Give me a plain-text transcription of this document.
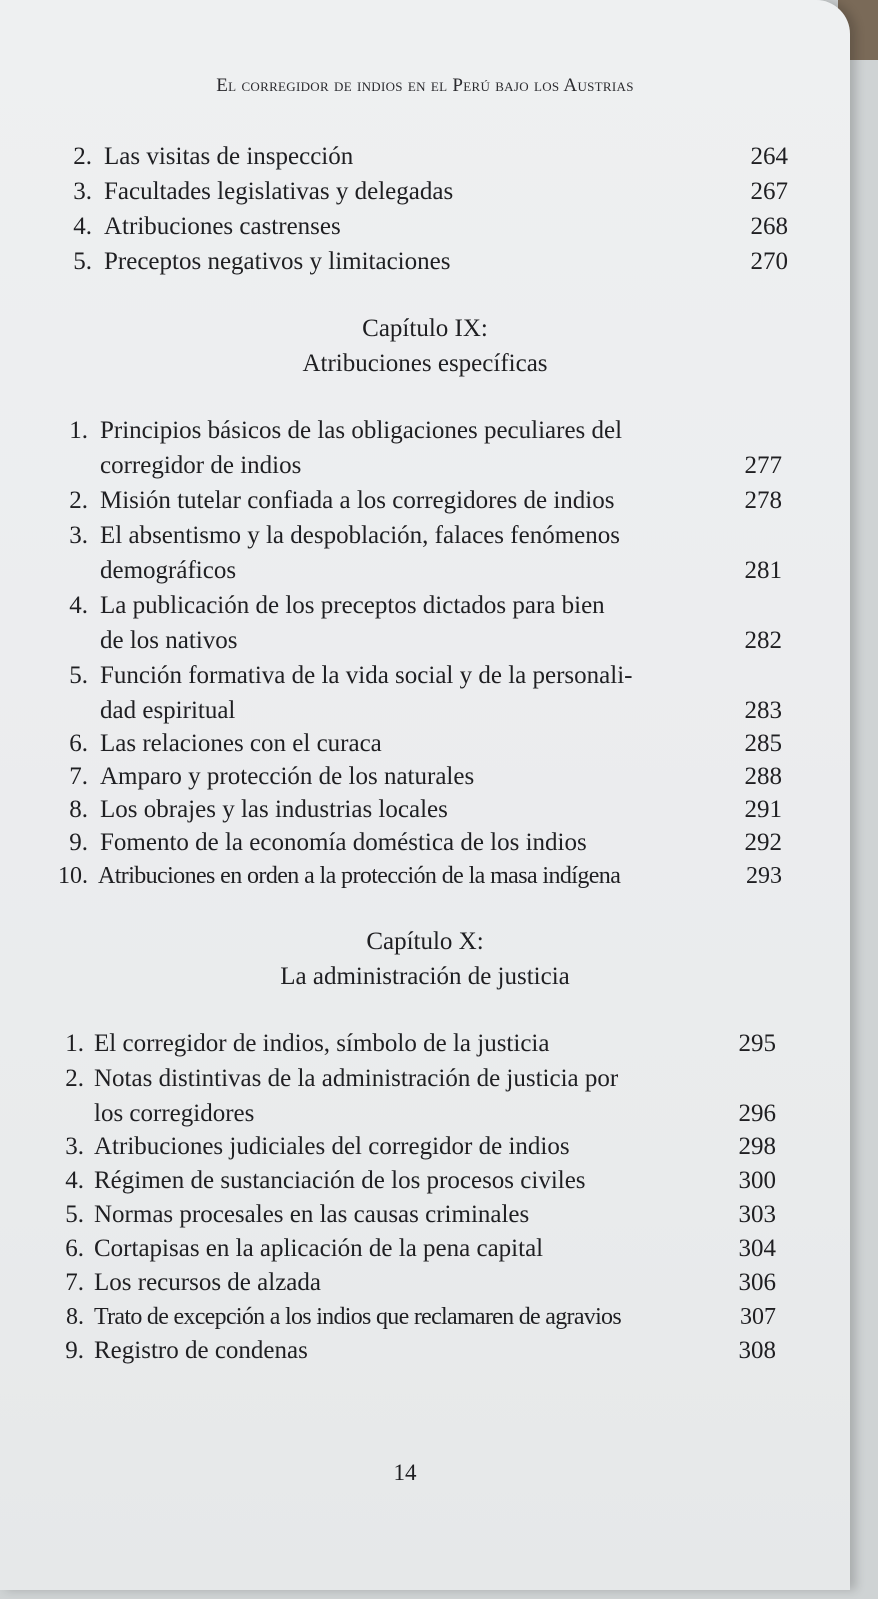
El corregidor de indios en el Perú bajo los Austrias
2. Las visitas de inspección	264
3. Facultades legislativas y delegadas	267
4. Atribuciones castrenses	268
5. Preceptos negativos y limitaciones	270
Capítulo IX:
Atribuciones específicas
1. Principios básicos de las obligaciones peculiares del
corregidor de indios	277
2. Misión tutelar confiada a los corregidores de indios	278
3. El absentismo y la despoblación, falaces fenómenos
demográficos	281
4. La publicación de los preceptos dictados para bien
de los nativos	282
5. Función formativa de la vida social y de la personali-
dad espiritual	283
6. Las relaciones con el curaca	285
7. Amparo y protección de los naturales	288
8. Los obrajes y las industrias locales	291
9. Fomento de la economía doméstica de los indios	292
10. Atribuciones en orden a la protección de la masa indígena	293
Capítulo X:
La administración de justicia
1. El corregidor de indios, símbolo de la justicia	295
2. Notas distintivas de la administración de justicia por
los corregidores	296
3. Atribuciones judiciales del corregidor de indios	298
4. Régimen de sustanciación de los procesos civiles	300
5. Normas procesales en las causas criminales	303
6. Cortapisas en la aplicación de la pena capital	304
7. Los recursos de alzada	306
8. Trato de excepción a los indios que reclamaren de agravios	307
9. Registro de condenas	308
14
